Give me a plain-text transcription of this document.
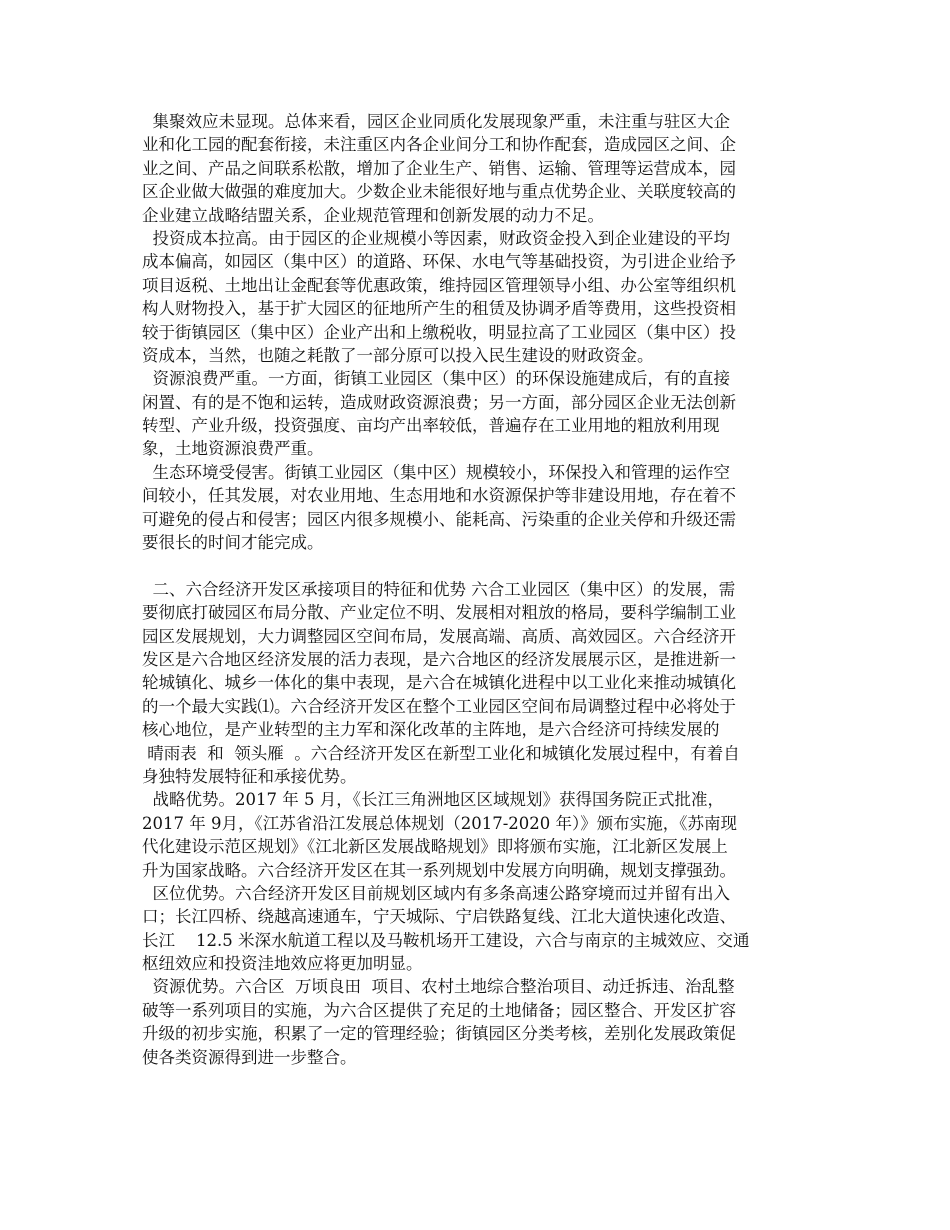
集聚效应未显现。总体来看，园区企业同质化发展现象严重，未注重与驻区大企
业和化工园的配套衔接，未注重区内各企业间分工和协作配套，造成园区之间、企
业之间、产品之间联系松散，增加了企业生产、销售、运输、管理等运营成本，园
区企业做大做强的难度加大。少数企业未能很好地与重点优势企业、关联度较高的
企业建立战略结盟关系，企业规范管理和创新发展的动力不足。
投资成本拉高。由于园区的企业规模小等因素，财政资金投入到企业建设的平均
成本偏高，如园区（集中区）的道路、环保、水电气等基础投资，为引进企业给予
项目返税、土地出让金配套等优惠政策，维持园区管理领导小组、办公室等组织机
构人财物投入，基于扩大园区的征地所产生的租赁及协调矛盾等费用，这些投资相
较于街镇园区（集中区）企业产出和上缴税收，明显拉高了工业园区（集中区）投
资成本，当然，也随之耗散了一部分原可以投入民生建设的财政资金。
资源浪费严重。一方面，街镇工业园区（集中区）的环保设施建成后，有的直接
闲置、有的是不饱和运转，造成财政资源浪费；另一方面，部分园区企业无法创新
转型、产业升级，投资强度、亩均产出率较低，普遍存在工业用地的粗放利用现
象，土地资源浪费严重。
生态环境受侵害。街镇工业园区（集中区）规模较小，环保投入和管理的运作空
间较小，任其发展，对农业用地、生态用地和水资源保护等非建设用地，存在着不
可避免的侵占和侵害；园区内很多规模小、能耗高、污染重的企业关停和升级还需
要很长的时间才能完成。
二、六合经济开发区承接项目的特征和优势 六合工业园区（集中区）的发展，需
要彻底打破园区布局分散、产业定位不明、发展相对粗放的格局，要科学编制工业
园区发展规划，大力调整园区空间布局，发展高端、高质、高效园区。六合经济开
发区是六合地区经济发展的活力表现，是六合地区的经济发展展示区，是推进新一
轮城镇化、城乡一体化的集中表现，是六合在城镇化进程中以工业化来推动城镇化
的一个最大实践⑴。六合经济开发区在整个工业园区空间布局调整过程中必将处于
核心地位，是产业转型的主力军和深化改革的主阵地，是六合经济可持续发展的
晴雨表  和  领头雁  。六合经济开发区在新型工业化和城镇化发展过程中，有着自
身独特发展特征和承接优势。
战略优势。2017 年 5 月，《长江三角洲地区区域规划》获得国务院正式批准，
2017 年 9月，《江苏省沿江发展总体规划（2017-2020 年）》颁布实施，《苏南现
代化建设示范区规划》《江北新区发展战略规划》即将颁布实施，江北新区发展上
升为国家战略。六合经济开发区在其一系列规划中发展方向明确，规划支撑强劲。
区位优势。六合经济开发区目前规划区域内有多条高速公路穿境而过并留有出入
口；长江四桥、绕越高速通车，宁天城际、宁启铁路复线、江北大道快速化改造、
长江    12.5 米深水航道工程以及马鞍机场开工建设，六合与南京的主城效应、交通
枢纽效应和投资洼地效应将更加明显。
资源优势。六合区  万顷良田  项目、农村土地综合整治项目、动迁拆违、治乱整
破等一系列项目的实施，为六合区提供了充足的土地储备；园区整合、开发区扩容
升级的初步实施，积累了一定的管理经验；街镇园区分类考核，差别化发展政策促
使各类资源得到进一步整合。
